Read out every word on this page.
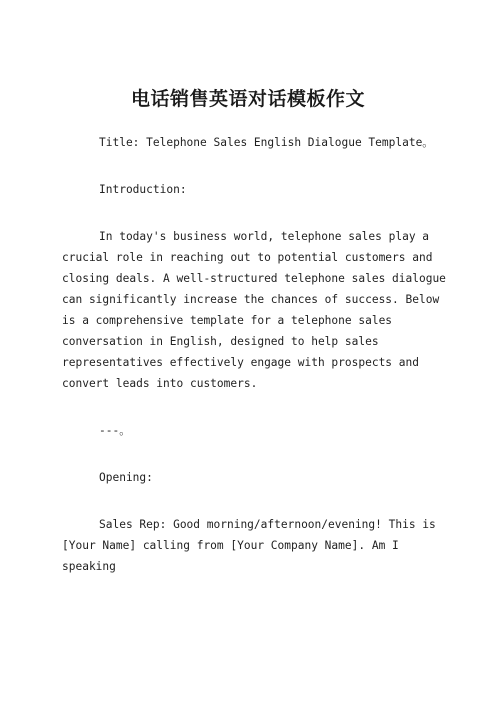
电话销售英语对话模板作文

Title: Telephone Sales English Dialogue Template。

Introduction:

In today's business world, telephone sales play a crucial role in reaching out to potential customers and closing deals. A well-structured telephone sales dialogue can significantly increase the chances of success. Below is a comprehensive template for a telephone sales conversation in English, designed to help sales representatives effectively engage with prospects and convert leads into customers.

---。

Opening:

Sales Rep: Good morning/afternoon/evening! This is [Your Name] calling from [Your Company Name]. Am I speaking
